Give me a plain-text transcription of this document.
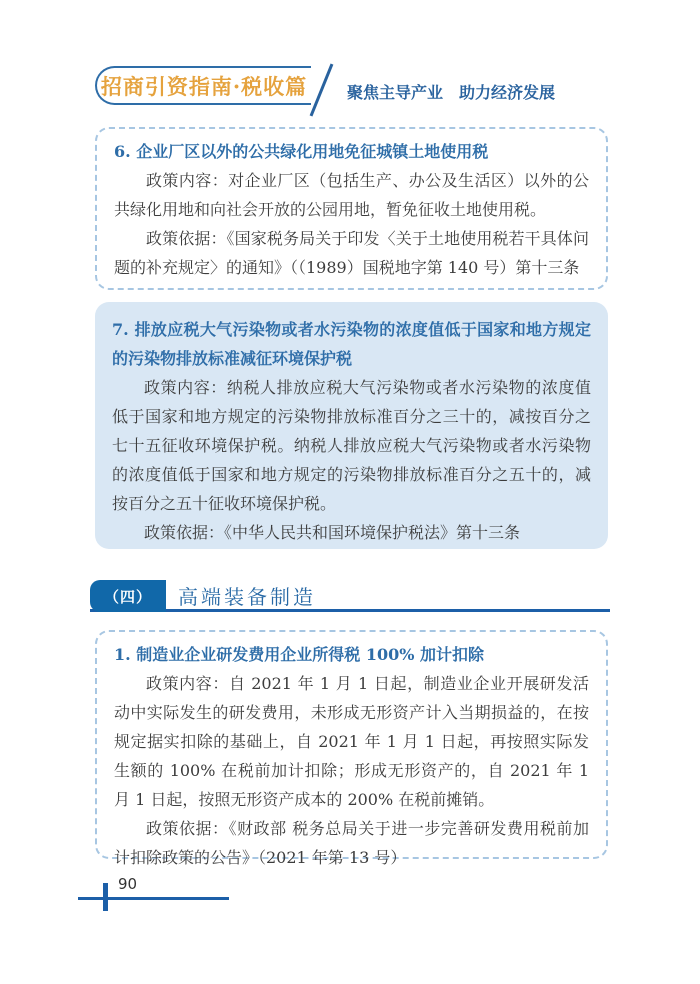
招商引资指南·税收篇 聚焦主导产业　助力经济发展
6. 企业厂区以外的公共绿化用地免征城镇土地使用税

政策内容：对企业厂区（包括生产、办公及生活区）以外的公共绿化用地和向社会开放的公园用地，暂免征收土地使用税。

政策依据：《国家税务局关于印发〈关于土地使用税若干具体问题的补充规定〉的通知》（（1989）国税地字第 140 号）第十三条

7. 排放应税大气污染物或者水污染物的浓度值低于国家和地方规定的污染物排放标准减征环境保护税

政策内容：纳税人排放应税大气污染物或者水污染物的浓度值低于国家和地方规定的污染物排放标准百分之三十的，减按百分之七十五征收环境保护税。纳税人排放应税大气污染物或者水污染物的浓度值低于国家和地方规定的污染物排放标准百分之五十的，减按百分之五十征收环境保护税。

政策依据：《中华人民共和国环境保护税法》第十三条

（四）	高端装备制造
1. 制造业企业研发费用企业所得税 100% 加计扣除

政策内容：自 2021 年 1 月 1 日起，制造业企业开展研发活动中实际发生的研发费用，未形成无形资产计入当期损益的，在按规定据实扣除的基础上，自 2021 年 1 月 1 日起，再按照实际发生额的 100% 在税前加计扣除；形成无形资产的，自 2021 年 1 月 1 日起，按照无形资产成本的 200% 在税前摊销。

政策依据：《财政部 税务总局关于进一步完善研发费用税前加计扣除政策的公告》（2021 年第 13 号）

90
